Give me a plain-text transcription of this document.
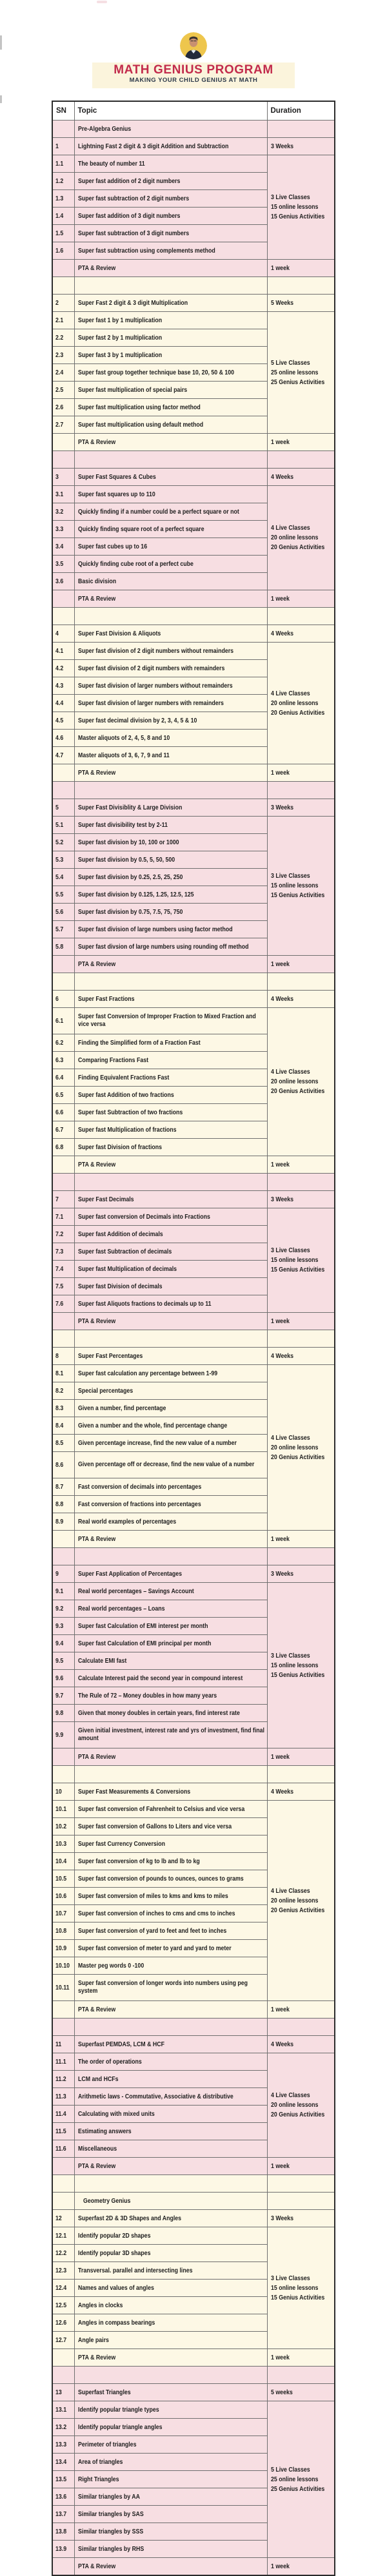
MATH GENIUS PROGRAM
MAKING YOUR CHILD GENIUS AT MATH
SN	Topic	Duration
	Pre-Algebra Genius	
1	Lightning Fast 2 digit & 3 digit Addition and Subtraction	3 Weeks
1.1	The beauty of number 11	3 Live Classes
15 online lessons
15 Genius Activities

1.2	Super fast addition of 2 digit numbers	
1.3	Super fast subtraction of 2 digit numbers	
1.4	Super fast addition of 3 digit numbers	
1.5	Super fast subtraction of 3 digit numbers	
1.6	Super fast subtraction using complements method	
	PTA & Review	1 week

2	Super Fast 2 digit & 3 digit Multiplication	5 Weeks
2.1	Super fast 1 by 1 multiplication	5 Live Classes
25 online lessons
25 Genius Activities

2.2	Super fast 2 by 1 multiplication	
2.3	Super fast 3 by 1 multiplication	
2.4	Super fast group together technique base 10, 20, 50 & 100	
2.5	Super fast multiplication of special pairs	
2.6	Super fast multiplication using factor method	
2.7	Super fast multiplication using default method	
	PTA & Review	1 week

3	Super Fast Squares & Cubes	4 Weeks
3.1	Super fast squares up to 110	4 Live Classes
20 online lessons
20 Genius Activities

3.2	Quickly finding if a number could be a perfect square or not	
3.3	Quickly finding square root of a perfect square	
3.4	Super fast cubes up to 16	
3.5	Quickly finding cube root of a perfect cube	
3.6	Basic division	
	PTA & Review	1 week

4	Super Fast Division & Aliquots	4 Weeks
4.1	Super fast division of 2 digit numbers without remainders	4 Live Classes
20 online lessons
20 Genius Activities

4.2	Super fast division of 2 digit numbers with remainders	
4.3	Super fast division of larger numbers without remainders	
4.4	Super fast division of larger numbers with remainders	
4.5	Super fast decimal division by 2, 3, 4, 5 & 10	
4.6	Master aliquots of 2, 4, 5, 8 and 10	
4.7	Master aliquots of 3, 6, 7, 9 and 11	
	PTA & Review	1 week

5	Super Fast Divisiblity & Large Division	3 Weeks
5.1	Super fast divisibility test by 2-11	3 Live Classes
15 online lessons
15 Genius Activities

5.2	Super fast division by 10, 100 or 1000	
5.3	Super fast division by 0.5, 5, 50, 500	
5.4	Super fast division by 0.25, 2.5, 25, 250	
5.5	Super fast division by 0.125, 1.25, 12.5, 125	
5.6	Super fast division by 0.75, 7.5, 75, 750	
5.7	Super fast division of large numbers using factor method	
5.8	Super fast divsion of large numbers using rounding off method	
	PTA & Review	1 week

6	Super Fast Fractions	4 Weeks
6.1	Super fast Conversion of Improper Fraction to Mixed Fraction and vice versa	4 Live Classes
20 online lessons
20 Genius Activities

6.2	Finding the Simplified form of a Fraction Fast	
6.3	Comparing Fractions Fast	
6.4	Finding Equivalent Fractions Fast	
6.5	Super fast Addition of two fractions	
6.6	Super fast Subtraction of two fractions	
6.7	Super fast Multiplication of fractions	
6.8	Super fast Division of fractions	
	PTA & Review	1 week

7	Super Fast Decimals	3 Weeks
7.1	Super fast conversion of Decimals into Fractions	3 Live Classes
15 online lessons
15 Genius Activities

7.2	Super fast Addition of decimals	
7.3	Super fast Subtraction of decimals	
7.4	Super fast Multiplication of decimals	
7.5	Super fast Division of decimals	
7.6	Super fast Aliquots fractions to decimals up to 11	
	PTA & Review	1 week

8	Super Fast Percentages	4 Weeks
8.1	Super fast calculation any percentage between 1-99	4 Live Classes
20 online lessons
20 Genius Activities

8.2	Special percentages	
8.3	Given a number, find percentage	
8.4	Given a number and the whole, find percentage change	
8.5	Given percentage increase, find the new value of a number	
8.6	Given percentage off or decrease, find the new value of a number	
8.7	Fast conversion of decimals into percentages	
8.8	Fast conversion of fractions into percentages	
8.9	Real world examples of percentages	
	PTA & Review	1 week

9	Super Fast Application of Percentages	3 Weeks
9.1	Real world percentages – Savings Account	3 Live Classes
15 online lessons
15 Genius Activities

9.2	Real world percentages – Loans	
9.3	Super fast Calculation of EMI interest per month	
9.4	Super fast Calculation of EMI principal per month	
9.5	Calculate EMI fast	
9.6	Calculate Interest paid the second year in compound interest	
9.7	The Rule of 72 – Money doubles in how many years	
9.8	Given that money doubles in certain years, find interest rate	
9.9	Given initial investment, interest rate and yrs of investment, find final amount	
	PTA & Review	1 week

10	Super Fast Measurements & Conversions	4 Weeks
10.1	Super fast conversion of Fahrenheit to Celsius and vice versa	4 Live Classes
20 online lessons
20 Genius Activities

10.2	Super fast conversion of Gallons to Liters and vice versa	
10.3	Super fast Currency Conversion	
10.4	Super fast conversion of kg to lb and lb to kg	
10.5	Super fast conversion of pounds to ounces, ounces to grams	
10.6	Super fast conversion of miles to kms and kms to miles	
10.7	Super fast conversion of inches to cms and cms to inches	
10.8	Super fast conversion of yard to feet and feet to inches	
10.9	Super fast conversion of meter to yard and yard to meter	
10.10	Master peg words 0 -100	
10.11	Super fast conversion of longer words into numbers using peg system	
	PTA & Review	1 week

11	Superfast PEMDAS, LCM & HCF	4 Weeks
11.1	The order of operations	4 Live Classes
20 online lessons
20 Genius Activities

11.2	LCM and HCFs	
11.3	Arithmetic laws - Commutative, Associative & distributive	
11.4	Calculating with mixed units	
11.5	Estimating answers	
11.6	Miscellaneous	
	PTA & Review	1 week

	Geometry Genius	
12	Superfast 2D & 3D Shapes and Angles	3 Weeks
12.1	Identify popular 2D shapes	3 Live Classes
15 online lessons
15 Genius Activities

12.2	Identify popular 3D shapes	
12.3	Transversal. parallel and intersecting lines	
12.4	Names and values of angles	
12.5	Angles in clocks	
12.6	Angles in compass bearings	
12.7	Angle pairs	
	PTA & Review	1 week

13	Superfast Triangles	5 weeks
13.1	Identify popular triangle types	5 Live Classes
25 online lessons
25 Genius Activities

13.2	Identify popular triangle angles	
13.3	Perimeter of triangles	
13.4	Area of triangles	
13.5	Right Triangles	
13.6	Similar triangles by AA	
13.7	Similar triangles by SAS	
13.8	Similar triangles by SSS	
13.9	Similar triangles by RHS	
	PTA & Review	1 week
